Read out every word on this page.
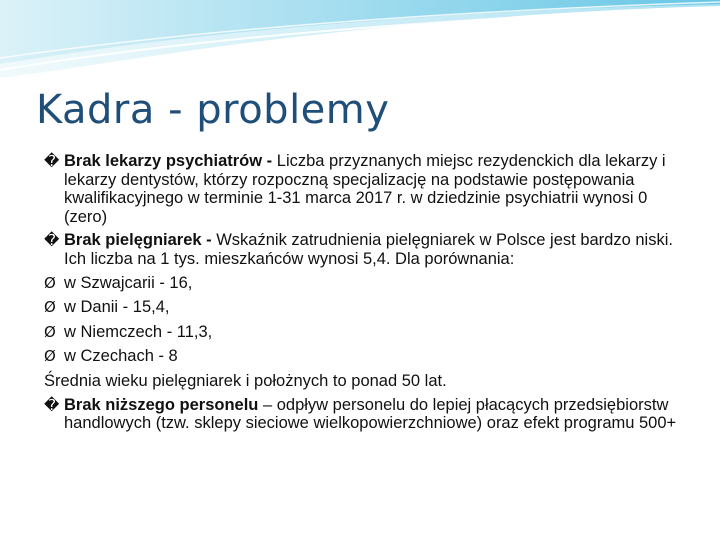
Kadra - problemy

� Brak lekarzy psychiatrów - Liczba przyznanych miejsc rezydenckich dla lekarzy i lekarzy dentystów, którzy rozpoczną specjalizację na podstawie postępowania kwalifikacyjnego w terminie 1-31 marca 2017 r. w dziedzinie psychiatrii wynosi 0 (zero)

� Brak pielęgniarek - Wskaźnik zatrudnienia pielęgniarek w Polsce jest bardzo niski. Ich liczba na 1 tys. mieszkańców wynosi 5,4. Dla porównania:

Ø w Szwajcarii - 16,

Ø w Danii - 15,4,

Ø w Niemczech - 11,3,

Ø w Czechach - 8

Średnia wieku pielęgniarek i położnych to ponad 50 lat.

� Brak niższego personelu – odpływ personelu do lepiej płacących przedsiębiorstw handlowych (tzw. sklepy sieciowe wielkopowierzchniowe) oraz efekt programu 500+
